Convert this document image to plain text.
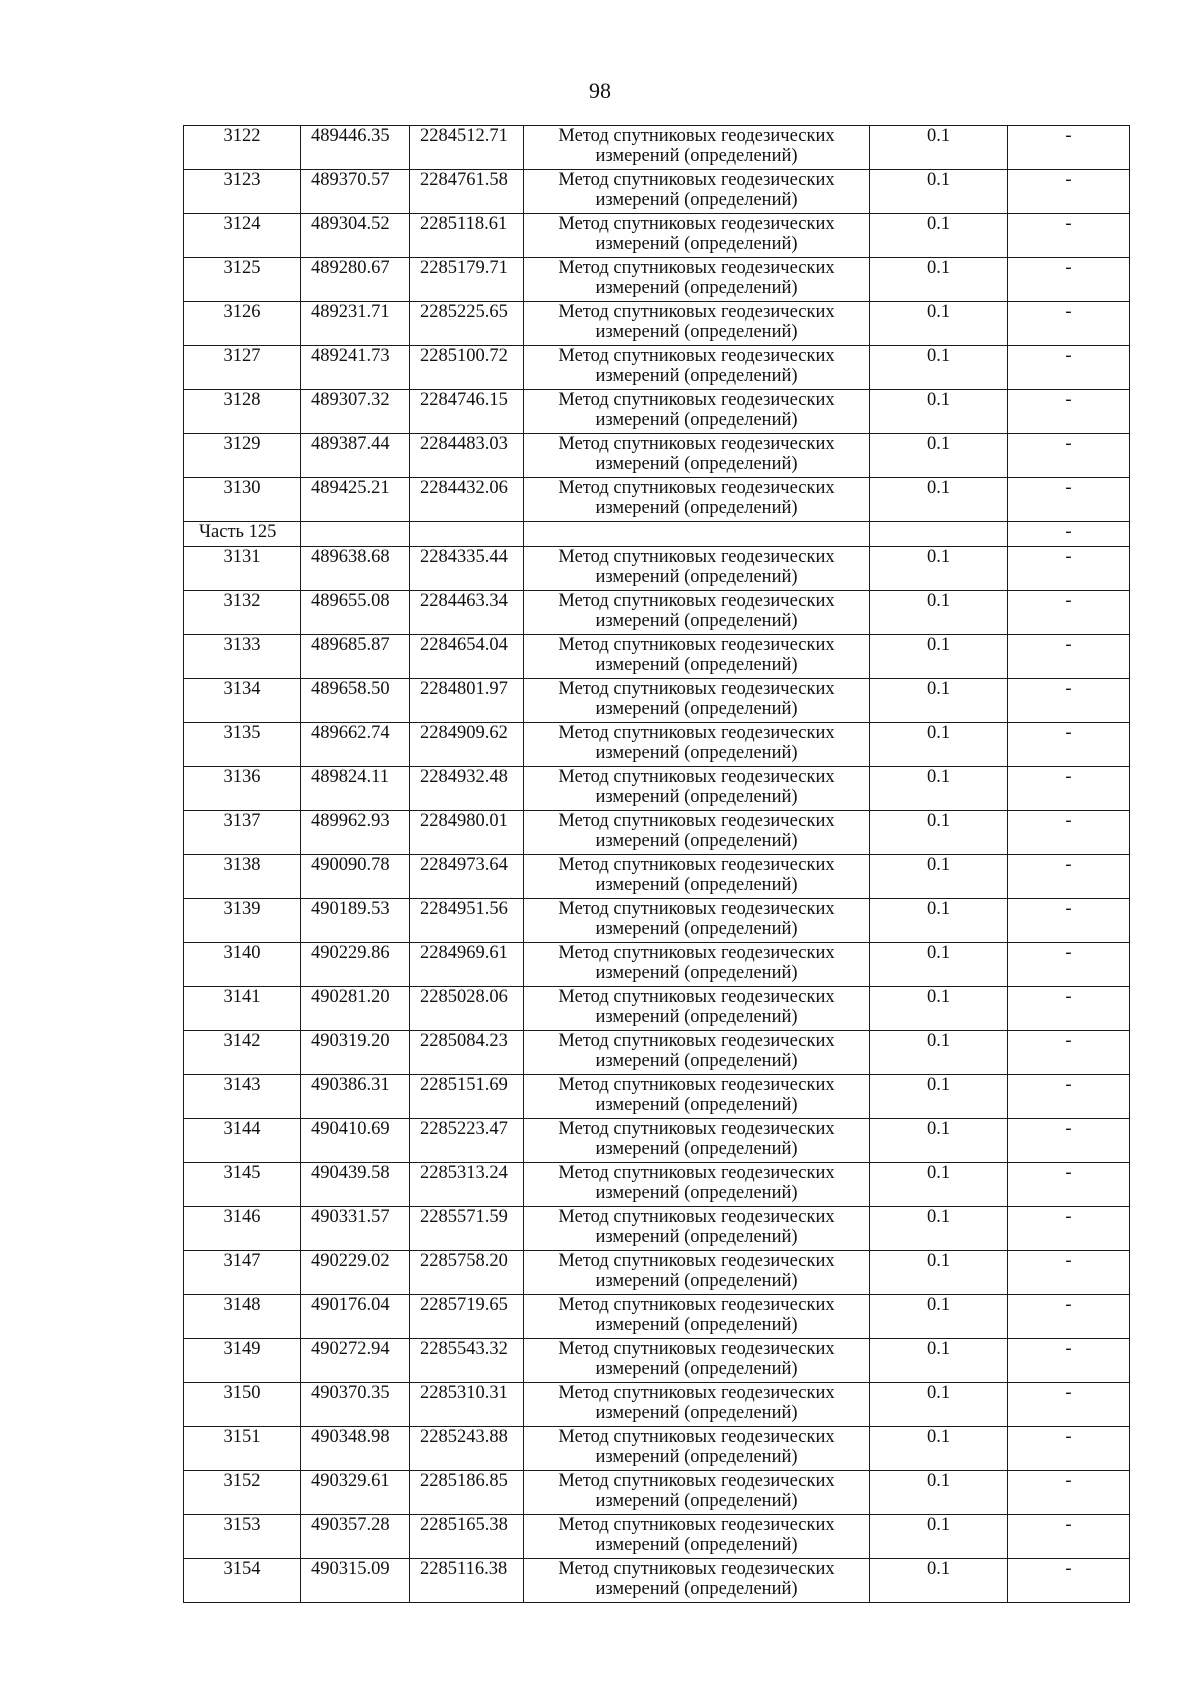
98
3122	489446.35	2284512.71	Метод спутниковых геодезических
измерений (определений)	0.1	-
3123	489370.57	2284761.58	Метод спутниковых геодезических
измерений (определений)	0.1	-
3124	489304.52	2285118.61	Метод спутниковых геодезических
измерений (определений)	0.1	-
3125	489280.67	2285179.71	Метод спутниковых геодезических
измерений (определений)	0.1	-
3126	489231.71	2285225.65	Метод спутниковых геодезических
измерений (определений)	0.1	-
3127	489241.73	2285100.72	Метод спутниковых геодезических
измерений (определений)	0.1	-
3128	489307.32	2284746.15	Метод спутниковых геодезических
измерений (определений)	0.1	-
3129	489387.44	2284483.03	Метод спутниковых геодезических
измерений (определений)	0.1	-
3130	489425.21	2284432.06	Метод спутниковых геодезических
измерений (определений)	0.1	-
Часть 125					-
3131	489638.68	2284335.44	Метод спутниковых геодезических
измерений (определений)	0.1	-
3132	489655.08	2284463.34	Метод спутниковых геодезических
измерений (определений)	0.1	-
3133	489685.87	2284654.04	Метод спутниковых геодезических
измерений (определений)	0.1	-
3134	489658.50	2284801.97	Метод спутниковых геодезических
измерений (определений)	0.1	-
3135	489662.74	2284909.62	Метод спутниковых геодезических
измерений (определений)	0.1	-
3136	489824.11	2284932.48	Метод спутниковых геодезических
измерений (определений)	0.1	-
3137	489962.93	2284980.01	Метод спутниковых геодезических
измерений (определений)	0.1	-
3138	490090.78	2284973.64	Метод спутниковых геодезических
измерений (определений)	0.1	-
3139	490189.53	2284951.56	Метод спутниковых геодезических
измерений (определений)	0.1	-
3140	490229.86	2284969.61	Метод спутниковых геодезических
измерений (определений)	0.1	-
3141	490281.20	2285028.06	Метод спутниковых геодезических
измерений (определений)	0.1	-
3142	490319.20	2285084.23	Метод спутниковых геодезических
измерений (определений)	0.1	-
3143	490386.31	2285151.69	Метод спутниковых геодезических
измерений (определений)	0.1	-
3144	490410.69	2285223.47	Метод спутниковых геодезических
измерений (определений)	0.1	-
3145	490439.58	2285313.24	Метод спутниковых геодезических
измерений (определений)	0.1	-
3146	490331.57	2285571.59	Метод спутниковых геодезических
измерений (определений)	0.1	-
3147	490229.02	2285758.20	Метод спутниковых геодезических
измерений (определений)	0.1	-
3148	490176.04	2285719.65	Метод спутниковых геодезических
измерений (определений)	0.1	-
3149	490272.94	2285543.32	Метод спутниковых геодезических
измерений (определений)	0.1	-
3150	490370.35	2285310.31	Метод спутниковых геодезических
измерений (определений)	0.1	-
3151	490348.98	2285243.88	Метод спутниковых геодезических
измерений (определений)	0.1	-
3152	490329.61	2285186.85	Метод спутниковых геодезических
измерений (определений)	0.1	-
3153	490357.28	2285165.38	Метод спутниковых геодезических
измерений (определений)	0.1	-
3154	490315.09	2285116.38	Метод спутниковых геодезических
измерений (определений)	0.1	-
